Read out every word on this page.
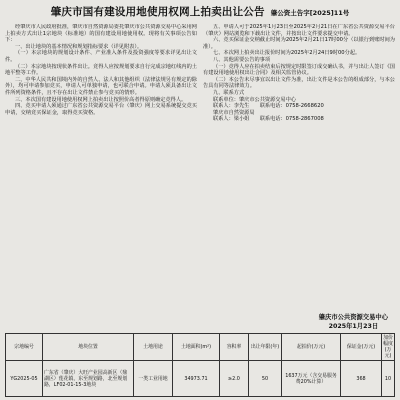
肇庆市国有建设用地使用权网上拍卖出让公告 肇公资土告字[2025]11号

经肇庆市人民政府批准，肇庆市自然资源局委托肇庆市公共资源交易中心采用网上拍卖方式出让1宗地块（标准地）的国有建设用地使用权。现将有关事项公告如下：

一、出让地块的基本情况和规划指标要求（详见附表）。

（一）本宗地块的规划设计条件、产业准入条件及投资强度等要求详见出让文件。

（二）本宗地块按现状条件出让。竞得人应按规划要求自行完成宗地红线内的土地平整等工作。

二、中华人民共和国境内外的自然人、法人和其他组织（法律法规另有规定的除外），均可申请参加竞买，申请人可单独申请，也可联合申请。申请人须具备出让文件所列资格条件，且不存在出让文件禁止参与竞买的情形。

三、本次国有建设用地使用权网上拍卖出让按照价高者得原则确定竞得人。

四、竞买申请人须通过广东省公共资源交易平台（肇庆）网上交易系统提交竞买申请，交纳竞买保证金，取得竞买资格。

五、申请人可于2025年1月23日至2025年2月21日在广东省公共资源交易平台（肇庆）网站浏览和下载出让文件，并按出让文件要求提交申请。

六、竞买保证金交纳截止时间为2025年2月21日17时00分（以银行到账时间为准）。

七、本次网上拍卖出让报价时间为2025年2月24日9时00分起。

八、其他需要公告的事项

（一）竞得人应在拍卖结束后按规定时限签订成交确认书，并与出让人签订《国有建设用地使用权出让合同》及相关监管协议。

（二）本公告未尽事宜以出让文件为准，出让文件是本公告的组成部分，与本公告具有同等法律效力。

九、联系方式

联系单位：肇庆市公共资源交易中心

联系人：李先生　　联系电话：0758-2668620

肇庆市自然资源局

联系人：梁小姐　　联系电话：0758-2867008

肇庆市公共资源交易中心
2025年1月23日
宗地编号	地块位置	土地用途	土地面积(m²)	容积率	出让年限(年)	起拍价(万元)	保证金(万元)	加价幅度(万元)
YG2025-05	广东省（肇庆）大旺产业园高新区（鼎湖区）莲花镇，东至规划路，北至规划路，LF02-01-15-3地块	一类工业用地	34973.71	≥2.0	50	1637万元（含交易服务费20%计算）	368	10
